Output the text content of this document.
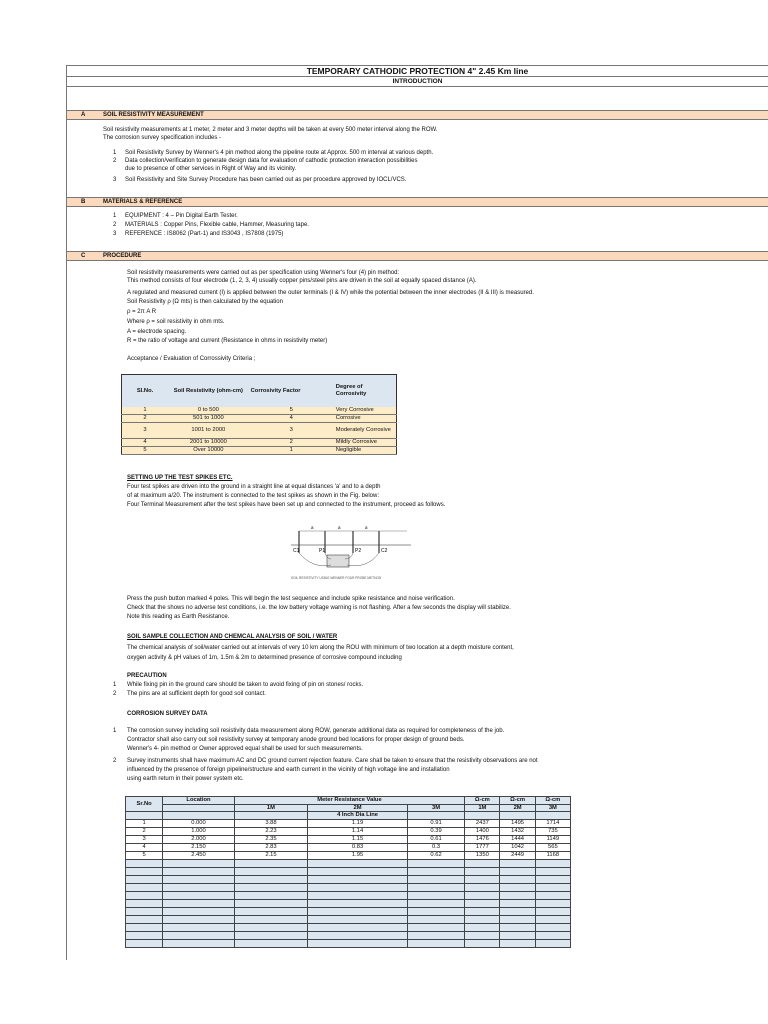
TEMPORARY CATHODIC PROTECTION 4" 2.45 Km line
INTRODUCTION
A	SOIL RESISTIVITY MEASUREMENT
Soil resistivity measurements at 1 meter, 2 meter and 3 meter depths will be taken at every 500 meter interval along the ROW.
The corrosion survey specification includes -
1 Soil Resistivity Survey by Wenner's 4 pin method along the pipeline route at Approx. 500 m interval at various depth.
2 Data collection/verification to generate design data for evaluation of cathodic protection interaction possibilities
due to presence of other services in Right of Way and its vicinity.
3 Soil Resistivity and Site Survey Procedure has been carried out as per procedure approved by IOCL/VCS.
B	MATERIALS & REFERENCE
1 EQUIPMENT : 4 – Pin Digital Earth Tester.
2 MATERIALS : Copper Pins, Flexible cable, Hammer, Measuring tape.
3 REFERENCE : IS8062 (Part-1) and IS3043 , IS7808 (1975)
C	PROCEDURE
Soil resistivity measurements were carried out as per specification using Wenner's four (4) pin method:
This method consists of four electrode (1, 2, 3, 4) usually copper pins/steel pins are driven in the soil at equally spaced distance (A).
A regulated and measured current (I) is applied between the outer terminals (I & IV) while the potential between the inner electrodes (II & III) is measured.
Soil Resistivity ρ (Ω mts) is then calculated by the equation
ρ = 2π A R
Where ρ = soil resistivity in ohm mts.
A = electrode spacing.
R = the ratio of voltage and current (Resistance in ohms in resistivity meter)
Acceptance / Evaluation of Corrossivity Criteria ;
Sl.No.	Soil Resistivity (ohm-cm)	Corrosivity Factor	Degree of Corrosivity
1	0 to 500	5	Very Corrosive
2	501 to 1000	4	Corrosive
3	1001 to 2000	3	Moderately Corrosive
4	2001 to 10000	2	Mildly Corrosive
5	Over 10000	1	Negligible
SETTING UP THE TEST SPIKES ETC.
Four test spikes are driven into the ground in a straight line at equal distances 'a' and to a depth
of at maximum a/20. The instrument is connected to the test spikes as shown in the Fig. below:
Four Terminal Measurement after the test spikes have been set up and connected to the instrument, proceed as follows.
C1	P1	P2	C2
a	a	a
SOIL RESISTIVITY USING WENNER FOUR PROBE METHOD
Press the push button marked 4 poles. This will begin the test sequence and include spike resistance and noise verification.
Check that the shows no adverse test conditions, i.e. the low battery voltage warning is not flashing. After a few seconds the display will stabilize.
Note this reading as Earth Resistance.
SOIL SAMPLE COLLECTION AND CHEMCAL ANALYSIS OF SOIL / WATER
The chemical analysis of soil/water carried out at intervals of very 10 km along the ROU with minimum of two location at a depth moisture content,
oxygen activity & pH values of 1m, 1.5m & 2m to determined presence of corrosive compound including
PRECAUTION
1 While fixing pin in the ground care should be taken to avoid fixing of pin on stones/ rocks.
2 The pins are at sufficient depth for good soil contact.
CORROSION SURVEY DATA
1 The corrosion survey including soil resistivity data measurement along ROW, generate additional data as required for completeness of the job.
Contractor shall also carry out soil resistivity survey at temporary anode ground bed locations for proper design of ground beds.
Wenner's 4- pin method or Owner approved equal shall be used for such measurements.
2 Survey instruments shall have maximum AC and DC ground current rejection feature. Care shall be taken to ensure that the resistivity observations are not
influenced by the presence of foreign pipeline/structure and earth current in the vicinity of high voltage line and installation
using earth return in their power system etc.
Sr.No	Location	Meter Resistance Value			Ω-cm	Ω-cm	Ω-cm
		1M	2M	3M	1M	2M	3M
			4 Inch Dia Line				
1	0.000	3.88	1.19	0.91	2437	1495	1714
2	1.000	2.23	1.14	0.39	1400	1432	735
3	2.000	2.35	1.15	0.61	1476	1444	1149
4	2.150	2.83	0.83	0.3	1777	1042	565
5	2.450	2.15	1.95	0.62	1350	2449	1168
